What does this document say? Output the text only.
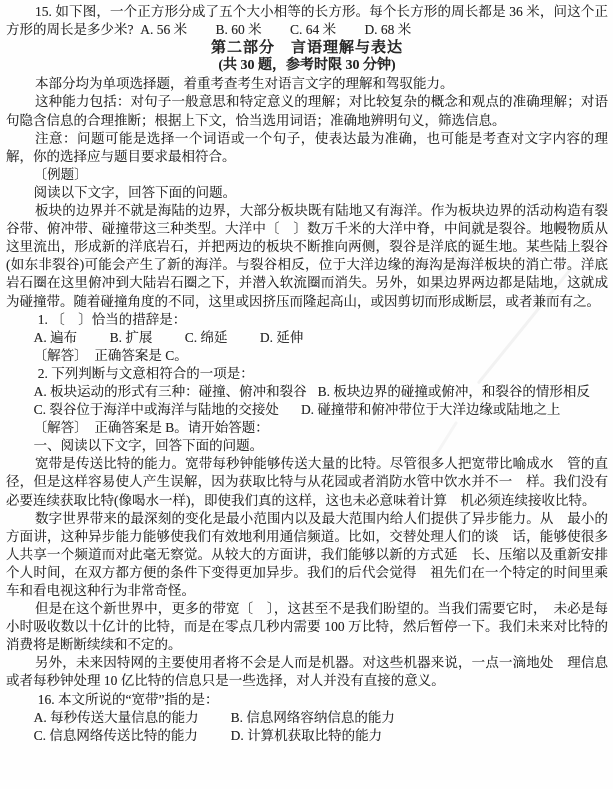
15. 如下图，一个正方形分成了五个大小相等的长方形。每个长方形的周长都是 36 米，问这个正方形的周长是多少米? A. 56 米 B. 60 米 C. 64 米 D. 68 米

第二部分　言语理解与表达

(共 30 题，参考时限 30 分钟)

本部分均为单项选择题，着重考查考生对语言文字的理解和驾驭能力。

这种能力包括：对句子一般意思和特定意义的理解；对比较复杂的概念和观点的准确理解；对语句隐含信息的合理推断；根据上下文，恰当选用词语；准确地辨明句义，筛选信息。

注意：问题可能是选择一个词语或一个句子，使表达最为准确，也可能是考查对文字内容的理解，你的选择应与题目要求最相符合。

〔例题〕

阅读以下文字，回答下面的问题。

板块的边界并不就是海陆的边界，大部分板块既有陆地又有海洋。作为板块边界的活动构造有裂谷带、俯冲带、碰撞带这三种类型。大洋中〔　〕数万千米的大洋中脊，中间就是裂谷。地幔物质从这里流出，形成新的洋底岩石，并把两边的板块不断推向两侧，裂谷是洋底的诞生地。某些陆上裂谷(如东非裂谷)可能会产生了新的海洋。与裂谷相反，位于大洋边缘的海沟是海洋板块的消亡带。洋底岩石圈在这里俯冲到大陆岩石圈之下，并潜入软流圈而消失。另外，如果边界两边都是陆地，这就成为碰撞带。随着碰撞角度的不同，这里或因挤压而隆起高山，或因剪切而形成断层，或者兼而有之。

1. 〔　〕恰当的措辞是：

A. 遍布 B. 扩展 C. 绵延 D. 延伸

〔解答〕　正确答案是 C。

2. 下列判断与文意相符合的一项是：

A. 板块运动的形式有三种：碰撞、俯冲和裂谷 B. 板块边界的碰撞或俯冲，和裂谷的情形相反

C. 裂谷位于海洋中或海洋与陆地的交接处 D. 碰撞带和俯冲带位于大洋边缘或陆地之上

〔解答〕　正确答案是 B。请开始答题：

一、阅读以下文字，回答下面的问题。

宽带是传送比特的能力。宽带每秒钟能够传送大量的比特。尽管很多人把宽带比喻成水　管的直径，但是这样容易使人产生误解，因为获取比特与从花园或者消防水管中饮水并不一　样。我们没有必要连续获取比特(像喝水一样)，即使我们真的这样，这也未必意味着计算　机必须连续接收比特。

数字世界带来的最深刻的变化是最小范围内以及最大范围内给人们提供了异步能力。从　最小的方面讲，这种异步能力能够使我们有效地利用通信频道。比如，交替处理人们的谈　话，能够使很多人共享一个频道而对此毫无察觉。从较大的方面讲，我们能够以新的方式延　长、压缩以及重新安排个人时间，在双方都方便的条件下变得更加异步。我们的后代会觉得　祖先们在一个特定的时间里乘车和看电视这种行为非常奇怪。

但是在这个新世界中，更多的带宽〔　〕，这甚至不是我们盼望的。当我们需要它时，　未必是每小时吸收数以十亿计的比特，而是在零点几秒内需要 100 万比特，然后暂停一下。我们未来对比特的消费将是断断续续和不定的。

另外，未来因特网的主要使用者将不会是人而是机器。对这些机器来说，一点一滴地处　理信息或者每秒钟处理 10 亿比特的信息只是一些选择，对人并没有直接的意义。

16. 本文所说的“宽带”指的是：

A. 每秒传送大量信息的能力	B. 信息网络容纳信息的能力
C. 信息网络传送比特的能力	D. 计算机获取比特的能力
